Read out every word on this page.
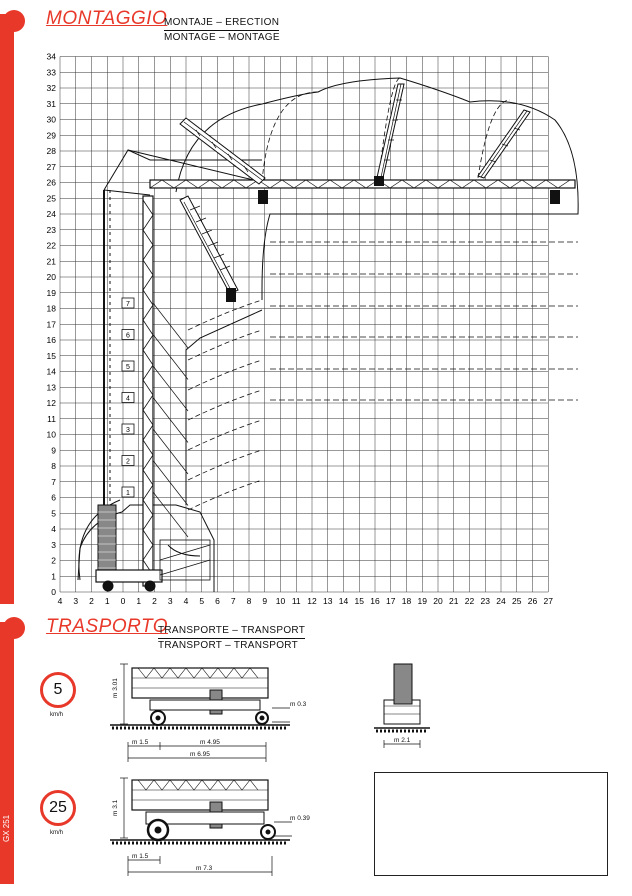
GX 251
MONTAGGIO
MONTAJE – ERECTION
MONTAGE – MONTAGE
0
1
2
3
4
5
6
7
8
9
10
11
12
13
14
15
16
17
18
19
20
21
22
23
24
25
26
27
28
29
30
31
32
33
34
4 3 2 1 0 1 2 3 4 5 6 7 8 9 10 11 12 13 14 15 16 17 18 19 20 21 22 23 24 25 26 27
1
2
3
4
5
6
7
TRASPORTO
TRANSPORTE – TRANSPORT
TRANSPORT – TRANSPORT
5
km/h
25
km/h
m 3.01
m 1.5	m 4.95
m 6.95
m 0.3
m 2.1
m 3.1
m 1.5
m 7.3
m 0.39
